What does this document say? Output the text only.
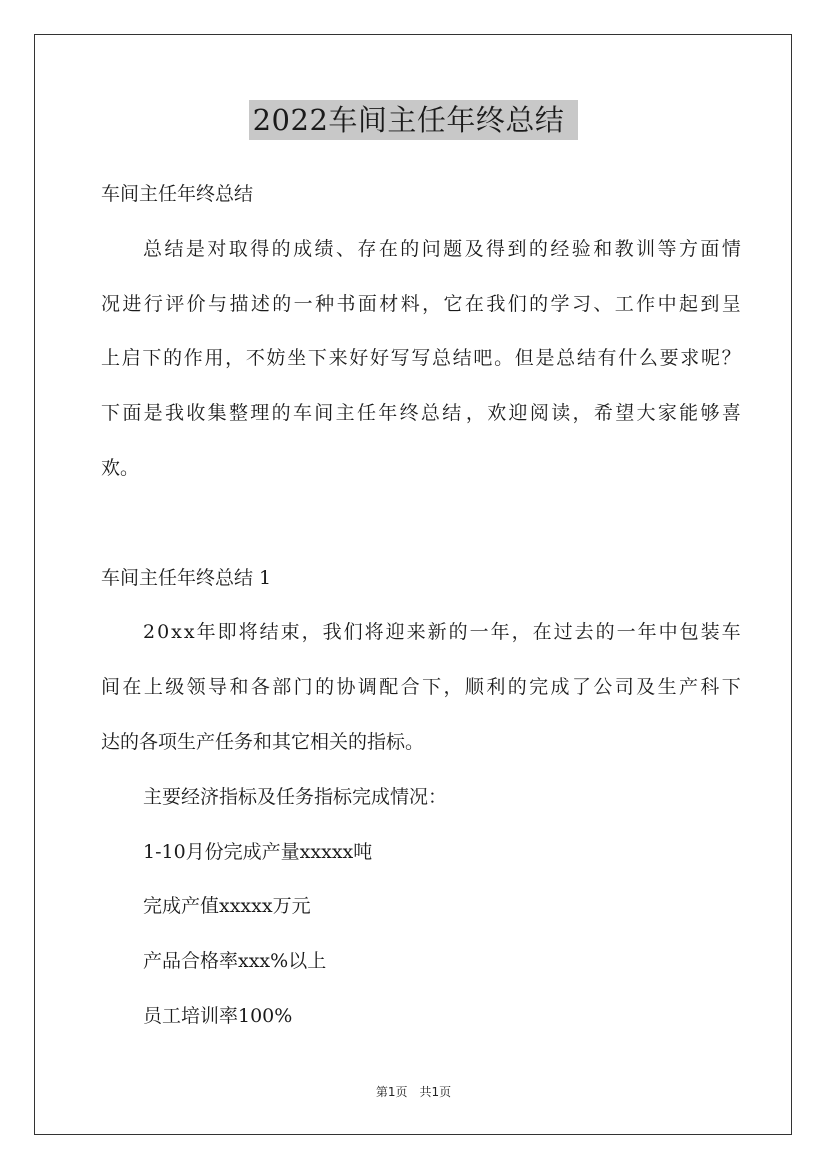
2022车间主任年终总结
车间主任年终总结
总 结 是 对 取 得 的 成 绩 、 存 在 的 问 题 及 得 到 的 经 验 和 教 训 等 方 面 情
况 进 行 评 价 与 描 述 的 一 种 书 面 材 料 ， 它 在 我 们 的 学 习 、 工 作 中 起 到 呈
上 启 下 的 作 用 ， 不 妨 坐 下 来 好 好 写 写 总 结 吧 。 但 是 总 结 有 什 么 要 求 呢 ？
下 面 是 我 收 集 整 理 的 车 间 主 任 年 终 总 结 ， 欢 迎 阅 读 ， 希 望 大 家 能 够 喜
欢。
车间主任年终总结 1
2 0 x x 年 即 将 结 束 ， 我 们 将 迎 来 新 的 一 年 ， 在 过 去 的 一 年 中 包 装 车
间 在 上 级 领 导 和 各 部 门 的 协 调 配 合 下 ， 顺 利 的 完 成 了 公 司 及 生 产 科 下
达的各项生产任务和其它相关的指标。
主要经济指标及任务指标完成情况：
1-10月份完成产量xxxxx吨
完成产值xxxxx万元
产品合格率xxx%以上
员工培训率100%
第1页　共1页
